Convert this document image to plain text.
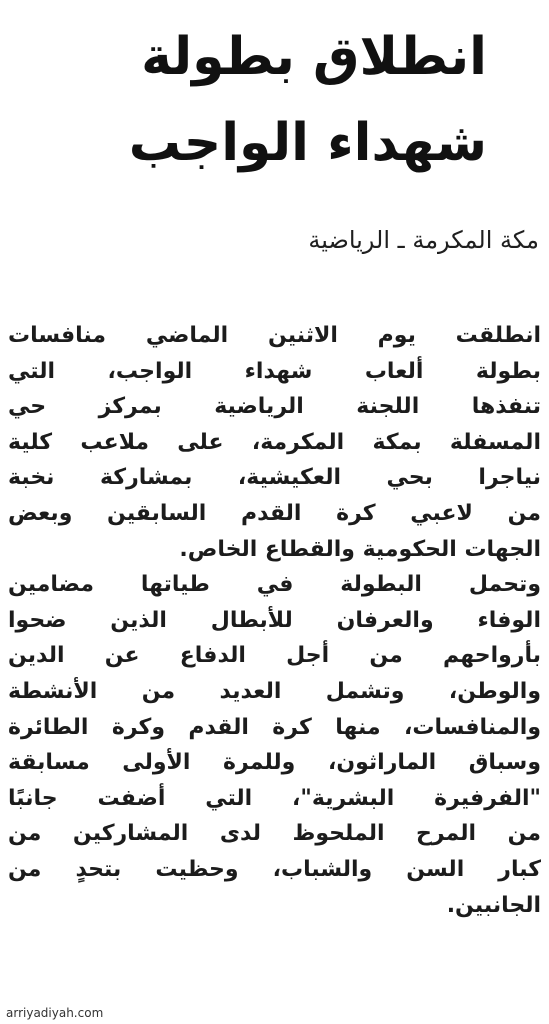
انطلاق بطولة
شهداء الواجب
مكة المكرمة ـ الرياضية
انطلقت يوم الاثنين الماضي منافسات
بطولة ألعاب شهداء الواجب، التي
تنفذها اللجنة الرياضية بمركز حي
المسفلة بمكة المكرمة، على ملاعب كلية
نياجرا بحي العكيشية، بمشاركة نخبة
من لاعبي كرة القدم السابقين وبعض
الجهات الحكومية والقطاع الخاص.
وتحمل البطولة في طياتها مضامين
الوفاء والعرفان للأبطال الذين ضحوا
بأرواحهم من أجل الدفاع عن الدين
والوطن، وتشمل العديد من الأنشطة
والمنافسات، منها كرة القدم وكرة الطائرة
وسباق الماراثون، وللمرة الأولى مسابقة
"الفرفيرة البشرية"، التي أضفت جانبًا
من المرح الملحوظ لدى المشاركين من
كبار السن والشباب، وحظيت بتحدٍ من
الجانبين.
arriyadiyah.com
